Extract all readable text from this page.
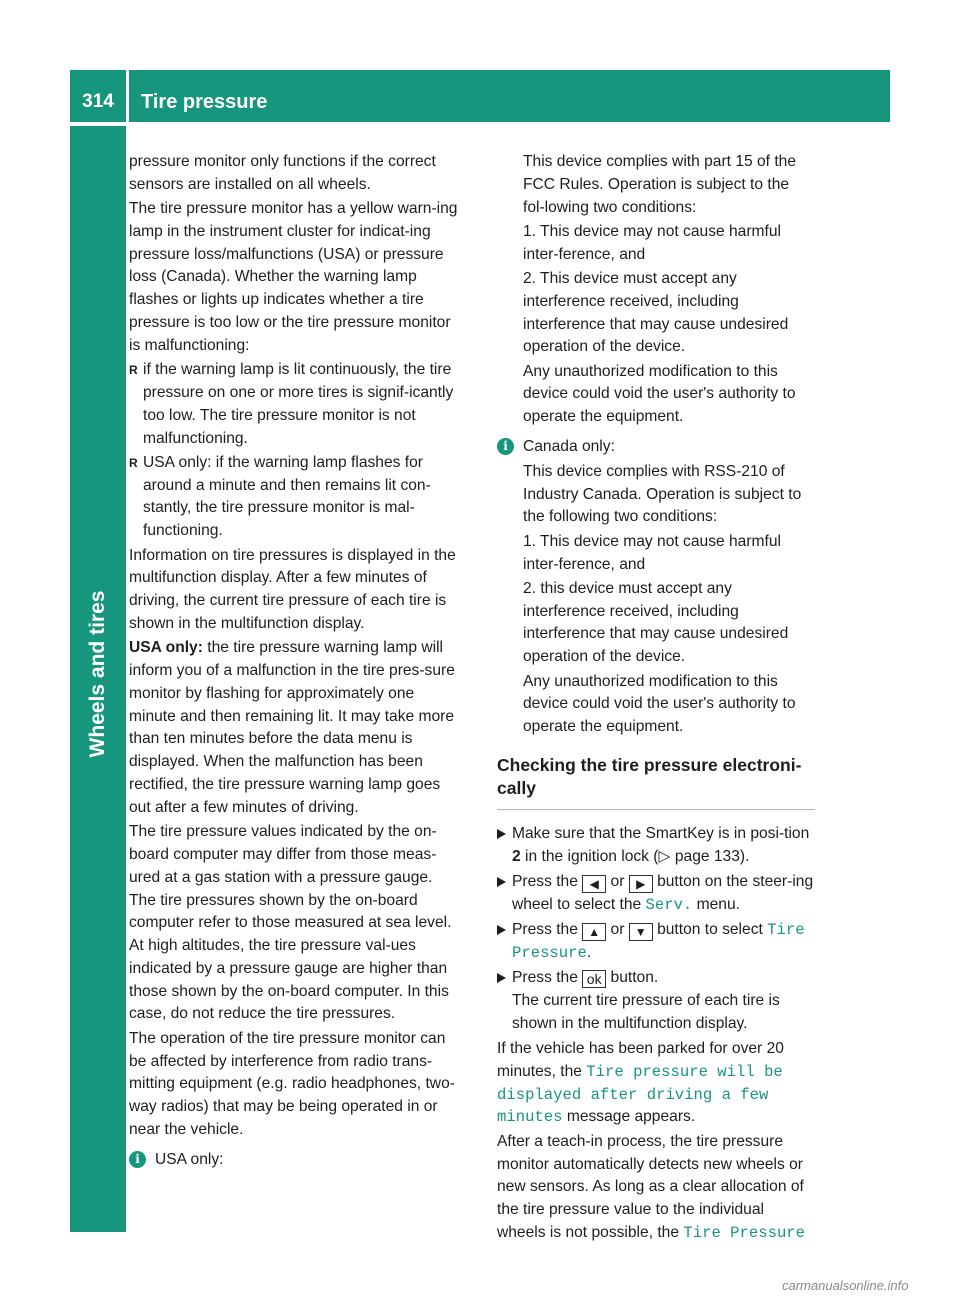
314	Tire pressure
Wheels and tires

pressure monitor only functions if the correct sensors are installed on all wheels.

The tire pressure monitor has a yellow warn-ing lamp in the instrument cluster for indicat-ing pressure loss/malfunctions (USA) or pressure loss (Canada). Whether the warning lamp flashes or lights up indicates whether a tire pressure is too low or the tire pressure monitor is malfunctioning:

R if the warning lamp is lit continuously, the tire pressure on one or more tires is signif-icantly too low. The tire pressure monitor is not malfunctioning.
R USA only: if the warning lamp flashes for around a minute and then remains lit con-stantly, the tire pressure monitor is mal-functioning.

Information on tire pressures is displayed in the multifunction display. After a few minutes of driving, the current tire pressure of each tire is shown in the multifunction display.

USA only: the tire pressure warning lamp will inform you of a malfunction in the tire pres-sure monitor by flashing for approximately one minute and then remaining lit. It may take more than ten minutes before the data menu is displayed. When the malfunction has been rectified, the tire pressure warning lamp goes out after a few minutes of driving.

The tire pressure values indicated by the on-board computer may differ from those meas-ured at a gas station with a pressure gauge. The tire pressures shown by the on-board computer refer to those measured at sea level. At high altitudes, the tire pressure val-ues indicated by a pressure gauge are higher than those shown by the on-board computer. In this case, do not reduce the tire pressures.

The operation of the tire pressure monitor can be affected by interference from radio trans-mitting equipment (e.g. radio headphones, two-way radios) that may be being operated in or near the vehicle.

i USA only:

This device complies with part 15 of the FCC Rules. Operation is subject to the fol-lowing two conditions:

1. This device may not cause harmful inter-ference, and

2. This device must accept any interference received, including interference that may cause undesired operation of the device.

Any unauthorized modification to this device could void the user's authority to operate the equipment.

i Canada only:

This device complies with RSS-210 of Industry Canada. Operation is subject to the following two conditions:

1. This device may not cause harmful inter-ference, and

2. this device must accept any interference received, including interference that may cause undesired operation of the device.

Any unauthorized modification to this device could void the user's authority to operate the equipment.

Checking the tire pressure electroni-cally
Make sure that the SmartKey is in posi-tion 2 in the ignition lock (▷ page 133).
Press the ◀ or ▶ button on the steer-ing wheel to select the Serv. menu.
Press the ▲ or ▼ button to select Tire Pressure.
Press the ok button.
The current tire pressure of each tire is shown in the multifunction display.

If the vehicle has been parked for over 20 minutes, the Tire pressure will be displayed after driving a few minutes message appears.

After a teach-in process, the tire pressure monitor automatically detects new wheels or new sensors. As long as a clear allocation of the tire pressure value to the individual wheels is not possible, the Tire Pressure

carmanualsonline.info
